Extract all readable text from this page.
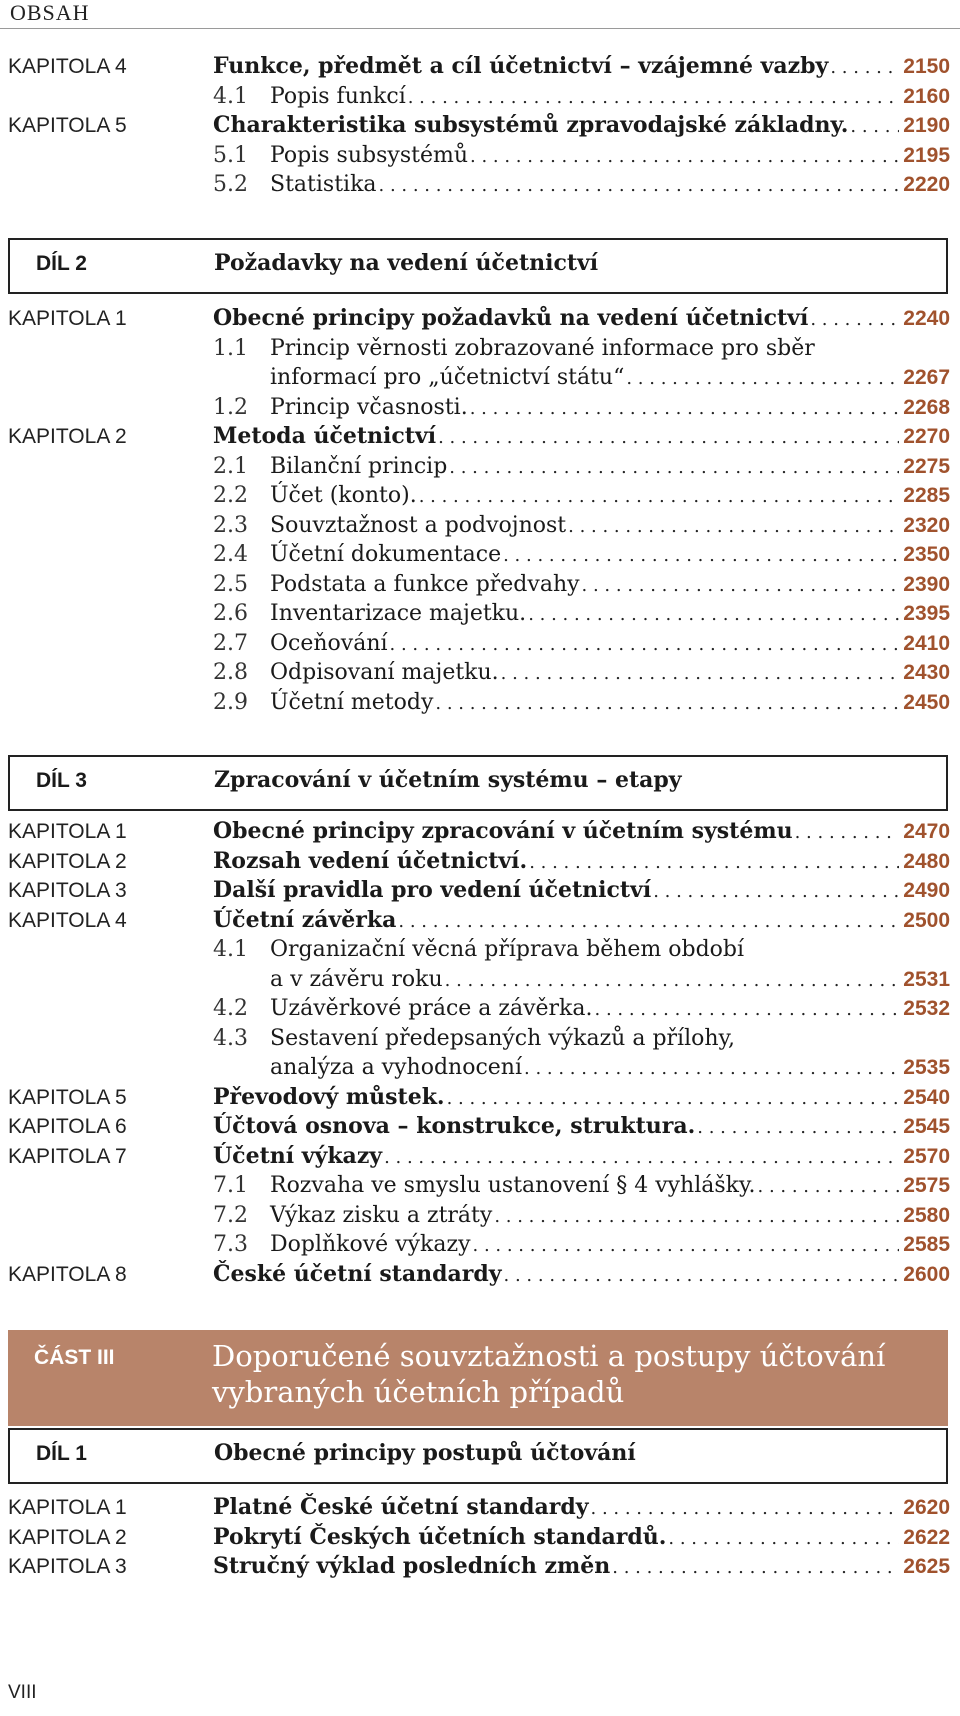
OBSAH
KAPITOLA 4	Funkce, předmět a cíl účetnictví – vzájemné vazby . . .	2150
4.1	Popis funkcí . . .	2160
KAPITOLA 5	Charakteristika subsystémů zpravodajské základny. . . .	2190
5.1	Popis subsystémů . . .	2195
5.2	Statistika . . .	2220
DÍL 2	Požadavky na vedení účetnictví
KAPITOLA 1	Obecné principy požadavků na vedení účetnictví . . .	2240
1.1	Princip věrnosti zobrazované informace pro sběr
informací pro „účetnictví státu“ . . .	2267
1.2	Princip včasnosti. . . .	2268
KAPITOLA 2	Metoda účetnictví . . .	2270
2.1	Bilanční princip . . .	2275
2.2	Účet (konto). . . .	2285
2.3	Souvztažnost a podvojnost . . .	2320
2.4	Účetní dokumentace . . .	2350
2.5	Podstata a funkce předvahy . . .	2390
2.6	Inventarizace majetku. . . .	2395
2.7	Oceňování . . .	2410
2.8	Odpisovaní majetku. . . .	2430
2.9	Účetní metody . . .	2450
DÍL 3	Zpracování v účetním systému – etapy
KAPITOLA 1	Obecné principy zpracování v účetním systému . . .	2470
KAPITOLA 2	Rozsah vedení účetnictví. . . .	2480
KAPITOLA 3	Další pravidla pro vedení účetnictví . . .	2490
KAPITOLA 4	Účetní závěrka . . .	2500
4.1	Organizační věcná příprava během období
a v závěru roku . . .	2531
4.2	Uzávěrkové práce a závěrka. . . .	2532
4.3	Sestavení předepsaných výkazů a přílohy,
analýza a vyhodnocení . . .	2535
KAPITOLA 5	Převodový můstek. . . .	2540
KAPITOLA 6	Účtová osnova – konstrukce, struktura. . . .	2545
KAPITOLA 7	Účetní výkazy . . .	2570
7.1	Rozvaha ve smyslu ustanovení § 4 vyhlášky. . . .	2575
7.2	Výkaz zisku a ztráty . . .	2580
7.3	Doplňkové výkazy . . .	2585
KAPITOLA 8	České účetní standardy . . .	2600
ČÁST III	Doporučené souvztažnosti a postupy účtování vybraných účetních případů
DÍL 1	Obecné principy postupů účtování
KAPITOLA 1	Platné České účetní standardy . . .	2620
KAPITOLA 2	Pokrytí Českých účetních standardů. . . .	2622
KAPITOLA 3	Stručný výklad posledních změn . . .	2625
VIII
